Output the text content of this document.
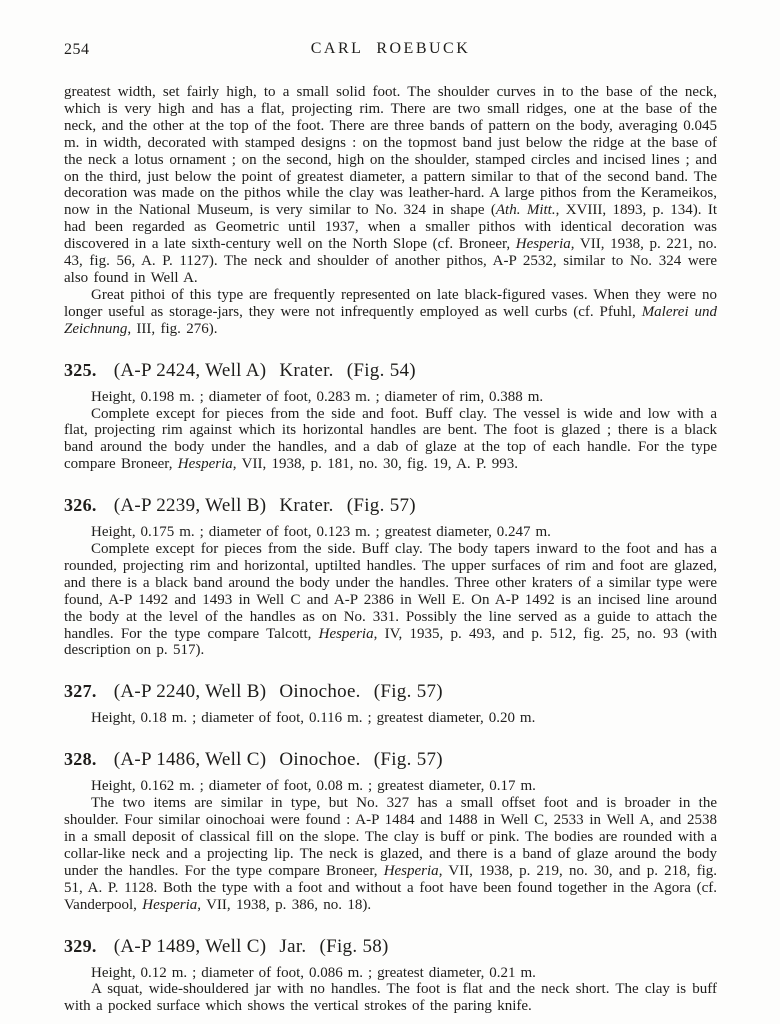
254	CARL ROEBUCK

greatest width, set fairly high, to a small solid foot. The shoulder curves in to the base of the neck, which is very high and has a flat, projecting rim. There are two small ridges, one at the base of the neck, and the other at the top of the foot. There are three bands of pattern on the body, averaging 0.045 m. in width, decorated with stamped designs : on the topmost band just below the ridge at the base of the neck a lotus ornament ; on the second, high on the shoulder, stamped circles and incised lines ; and on the third, just below the point of greatest diameter, a pattern similar to that of the second band. The decoration was made on the pithos while the clay was leather-hard. A large pithos from the Kerameikos, now in the National Museum, is very similar to No. 324 in shape (Ath. Mitt., XVIII, 1893, p. 134). It had been regarded as Geometric until 1937, when a smaller pithos with identical decoration was discovered in a late sixth-century well on the North Slope (cf. Broneer, Hesperia, VII, 1938, p. 221, no. 43, fig. 56, A. P. 1127). The neck and shoulder of another pithos, A-P 2532, similar to No. 324 were also found in Well A.

Great pithoi of this type are frequently represented on late black-figured vases. When they were no longer useful as storage-jars, they were not infrequently employed as well curbs (cf. Pfuhl, Malerei und Zeichnung, III, fig. 276).

325. (A-P 2424, Well A) Krater. (Fig. 54)

Height, 0.198 m. ; diameter of foot, 0.283 m. ; diameter of rim, 0.388 m.

Complete except for pieces from the side and foot. Buff clay. The vessel is wide and low with a flat, projecting rim against which its horizontal handles are bent. The foot is glazed ; there is a black band around the body under the handles, and a dab of glaze at the top of each handle. For the type compare Broneer, Hesperia, VII, 1938, p. 181, no. 30, fig. 19, A. P. 993.

326. (A-P 2239, Well B) Krater. (Fig. 57)

Height, 0.175 m. ; diameter of foot, 0.123 m. ; greatest diameter, 0.247 m.

Complete except for pieces from the side. Buff clay. The body tapers inward to the foot and has a rounded, projecting rim and horizontal, uptilted handles. The upper surfaces of rim and foot are glazed, and there is a black band around the body under the handles. Three other kraters of a similar type were found, A-P 1492 and 1493 in Well C and A-P 2386 in Well E. On A-P 1492 is an incised line around the body at the level of the handles as on No. 331. Possibly the line served as a guide to attach the handles. For the type compare Talcott, Hesperia, IV, 1935, p. 493, and p. 512, fig. 25, no. 93 (with description on p. 517).

327. (A-P 2240, Well B) Oinochoe. (Fig. 57)

Height, 0.18 m. ; diameter of foot, 0.116 m. ; greatest diameter, 0.20 m.

328. (A-P 1486, Well C) Oinochoe. (Fig. 57)

Height, 0.162 m. ; diameter of foot, 0.08 m. ; greatest diameter, 0.17 m.

The two items are similar in type, but No. 327 has a small offset foot and is broader in the shoulder. Four similar oinochoai were found : A-P 1484 and 1488 in Well C, 2533 in Well A, and 2538 in a small deposit of classical fill on the slope. The clay is buff or pink. The bodies are rounded with a collar-like neck and a projecting lip. The neck is glazed, and there is a band of glaze around the body under the handles. For the type compare Broneer, Hesperia, VII, 1938, p. 219, no. 30, and p. 218, fig. 51, A. P. 1128. Both the type with a foot and without a foot have been found together in the Agora (cf. Vanderpool, Hesperia, VII, 1938, p. 386, no. 18).

329. (A-P 1489, Well C) Jar. (Fig. 58)

Height, 0.12 m. ; diameter of foot, 0.086 m. ; greatest diameter, 0.21 m.

A squat, wide-shouldered jar with no handles. The foot is flat and the neck short. The clay is buff with a pocked surface which shows the vertical strokes of the paring knife.
